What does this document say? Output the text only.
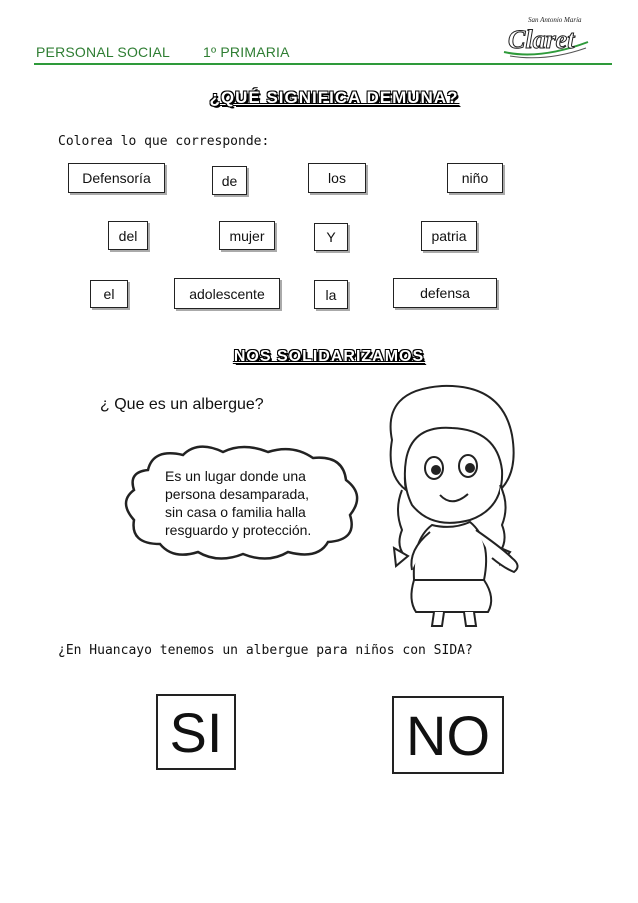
PERSONAL SOCIAL 1º PRIMARIA
San Antonio María
Claret
¿QUÉ SIGNIFICA DEMUNA?
Colorea lo que corresponde:
Defensoría	de	los	niño
del	mujer	Y	patria
el	adolescente	la	defensa
NOS SOLIDARIZAMOS
¿ Que es un albergue?
Es un lugar donde una
persona desamparada,
sin casa o familia halla
resguardo y protección.
¿En Huancayo tenemos un albergue para niños con SIDA?
SI	NO
